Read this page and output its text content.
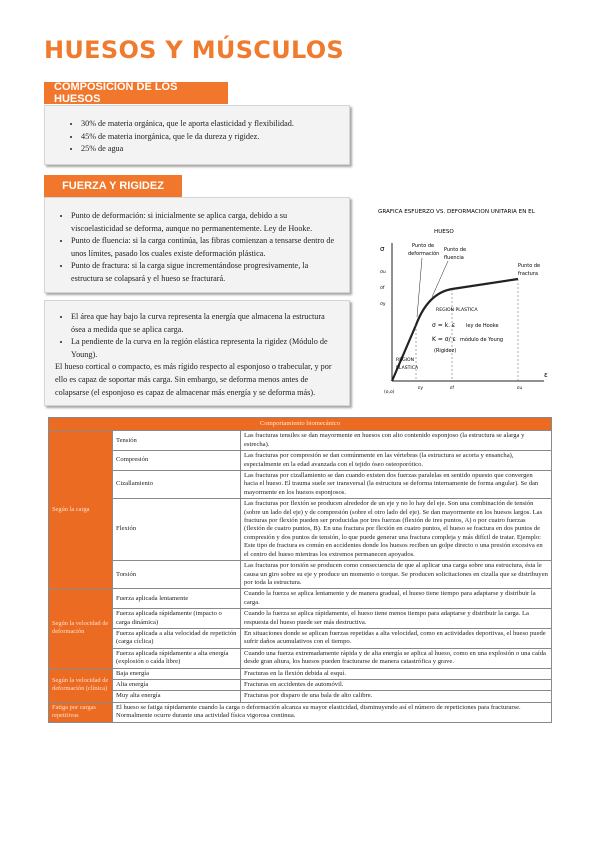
HUESOS Y MÚSCULOS
COMPOSICIÓN DE LOS HUESOS
• 30% de materia orgánica, que le aporta elasticidad y flexibilidad.
• 45% de materia inorgánica, que le da dureza y rigidez.
• 25% de agua
FUERZA Y RIGIDEZ
• Punto de deformación: si inicialmente se aplica carga, debido a su viscoelasticidad se deforma, aunque no permanentemente. Ley de Hooke.
• Punto de fluencia: si la carga continúa, las fibras comienzan a tensarse dentro de unos límites, pasado los cuales existe deformación plástica.
• Punto de fractura: si la carga sigue incrementándose progresivamente, la estructura se colapsará y el hueso se fracturará.
• El área que hay bajo la curva representa la energía que almacena la estructura ósea a medida que se aplica carga.
• La pendiente de la curva en la región elástica representa la rigidez (Módulo de Young).

El hueso cortical o compacto, es más rígido respecto al esponjoso o trabecular, y por ello es capaz de soportar más carga. Sin embargo, se deforma menos antes de colapsarse (el esponjoso es capaz de almacenar más energía y se deforma más).

GRAFICA ESFUERZO VS. DEFORMACION UNITARIA EN EL
HUESO
σ
ε
σu
σf
σy
(o,o)
εy	εf	εu
Punto de
deformación
Punto de
fluencia
Punto de
fractura
REGION PLASTICA
σ = k. ε ley de Hooke
K = σ/ ε módulo de Young
(Rigidez)
REGION
ELASTICA
Comportamiento biomecánico		
Según la carga	Tensión	Las fracturas tensiles se dan mayormente en huesos con alto contenido esponjoso (la estructura se alarga y estrecha).
	Compresión	Las fracturas por compresión se dan comúnmente en las vértebras (la estructura se acorta y ensancha), especialmente en la edad avanzada con el tejido óseo osteoporótico.
	Cizallamiento	Las fracturas por cizallamiento se dan cuando existen dos fuerzas paralelas en sentido opuesto que convergen hacia el hueso. El trauma suele ser transversal (la estructura se deforma internamente de forma angular). Se dan mayormente en los huesos esponjosos.
	Flexión	Las fracturas por flexión se producen alrededor de un eje y no lo hay del eje. Son una combinación de tensión (sobre un lado del eje) y de compresión (sobre el otro lado del eje). Se dan mayormente en los huesos largos. Las fracturas por flexión pueden ser producidas por tres fuerzas (flexión de tres puntos, A) o por cuatro fuerzas (flexión de cuatro puntos, B). En una fractura por flexión en cuatro puntos, el hueso se fractura en dos puntos de compresión y dos puntos de tensión, lo que puede generar una fractura compleja y más difícil de tratar. Ejemplo: Este tipo de fractura es común en accidentes donde los huesos reciben un golpe directo o una presión excesiva en el centro del hueso mientras los extremos permanecen apoyados.
	Torsión	Las fracturas por torsión se producen como consecuencia de que al aplicar una carga sobre una estructura, ésta le causa un giro sobre su eje y produce un momento o torque. Se producen solicitaciones en cizalla que se distribuyen por toda la estructura.
Según la velocidad de deformación	Fuerza aplicada lentamente	Cuando la fuerza se aplica lentamente y de manera gradual, el hueso tiene tiempo para adaptarse y distribuir la carga.
	Fuerza aplicada rápidamente (impacto o carga dinámica)	Cuando la fuerza se aplica rápidamente, el hueso tiene menos tiempo para adaptarse y distribuir la carga. La respuesta del hueso puede ser más destructiva.
	Fuerza aplicada a alta velocidad de repetición (carga cíclica)	En situaciones donde se aplican fuerzas repetidas a alta velocidad, como en actividades deportivas, el hueso puede sufrir daños acumulativos con el tiempo.
	Fuerza aplicada rápidamente a alta energía (explosión o caída libre)	Cuando una fuerza extremadamente rápida y de alta energía se aplica al hueso, como en una explosión o una caída desde gran altura, los huesos pueden fracturarse de manera catastrófica y grave.
Según la velocidad de deformación (clínica)	Baja energía	Fracturas en la flexión debida al esquí.
	Alta energía	Fracturas en accidentes de automóvil.
	Muy alta energía	Fracturas por disparo de una bala de alto calibre.
Fatiga por cargas repetitivas	El hueso se fatiga rápidamente cuando la carga o deformación alcanza su mayor elasticidad, disminuyendo así el número de repeticiones para fracturarse. Normalmente ocurre durante una actividad física vigorosa continua.	
